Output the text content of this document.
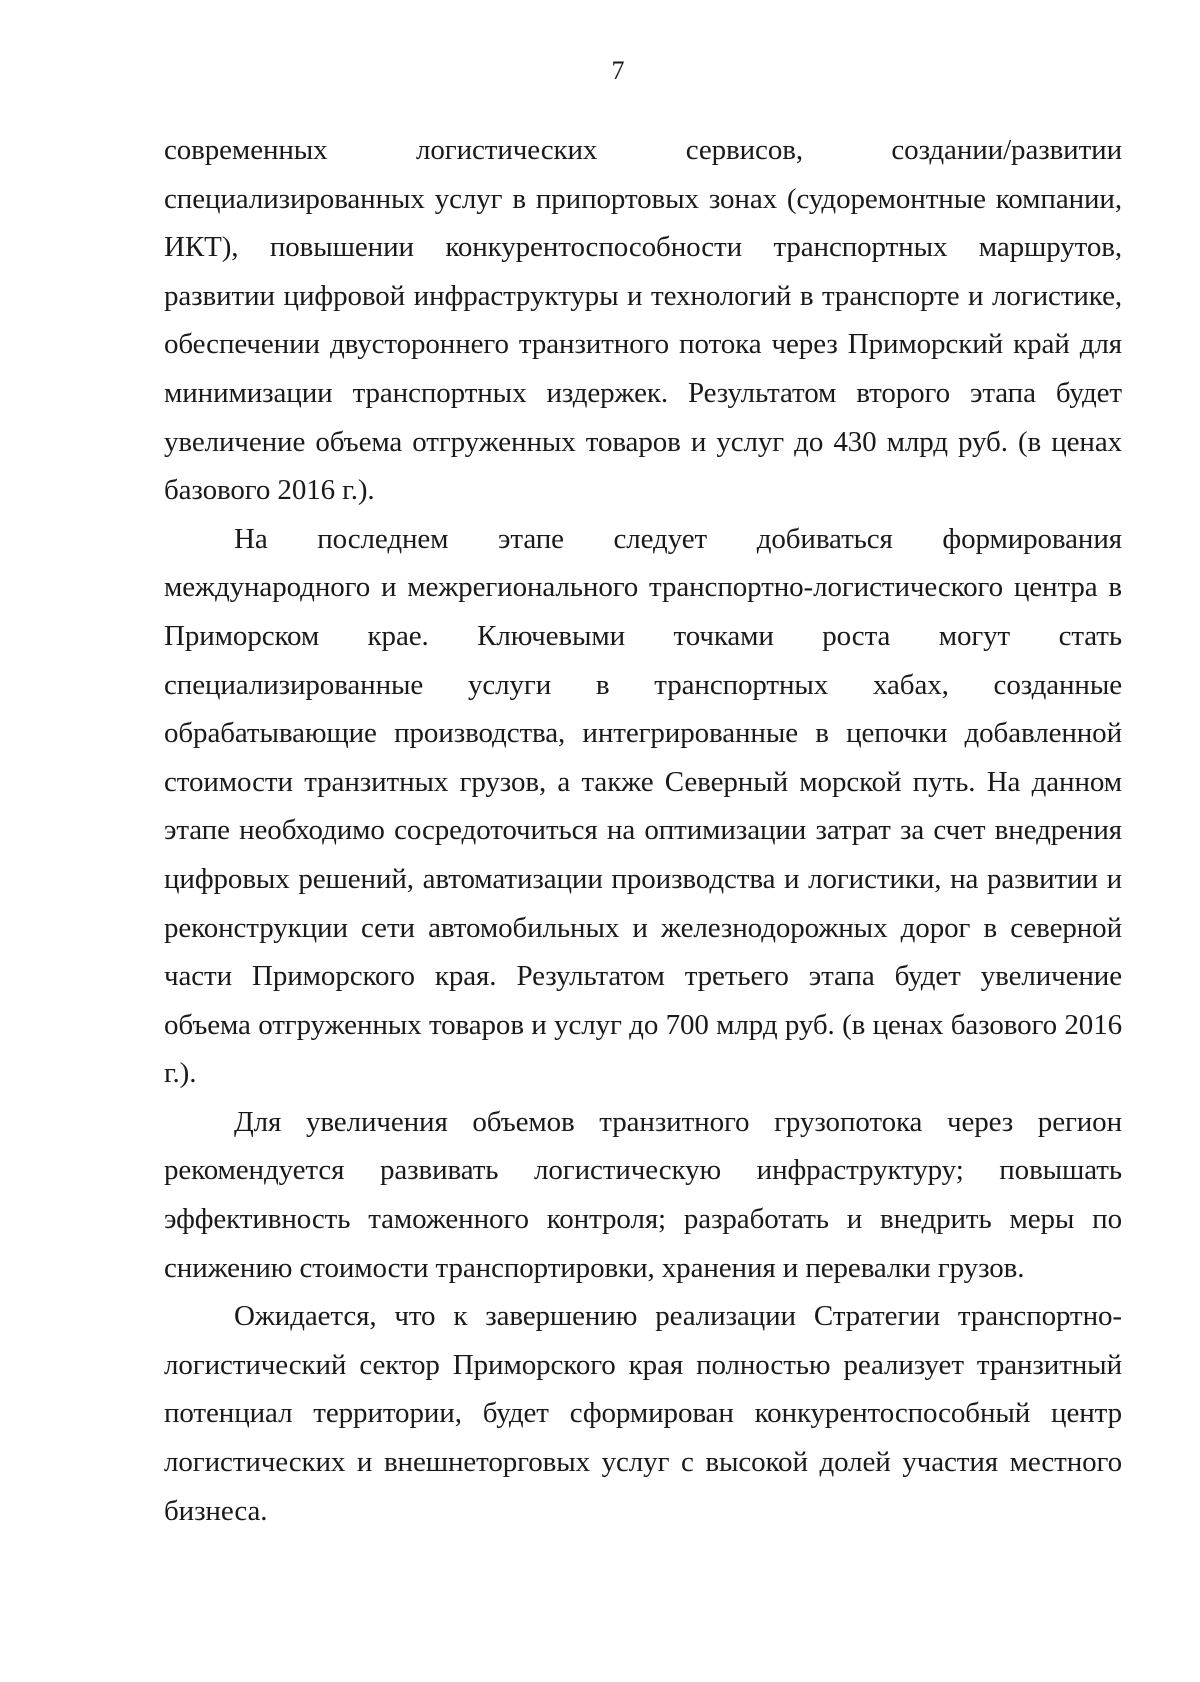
7

современных логистических сервисов, создании/развитии специализированных услуг в припортовых зонах (судоремонтные компании, ИКТ), повышении конкурентоспособности транспортных маршрутов, развитии цифровой инфраструктуры и технологий в транспорте и логистике, обеспечении двустороннего транзитного потока через Приморский край для минимизации транспортных издержек. Результатом второго этапа будет увеличение объема отгруженных товаров и услуг до 430 млрд руб. (в ценах базового 2016 г.).

На последнем этапе следует добиваться формирования международного и межрегионального транспортно-логистического центра в Приморском крае. Ключевыми точками роста могут стать специализированные услуги в транспортных хабах, созданные обрабатывающие производства, интегрированные в цепочки добавленной стоимости транзитных грузов, а также Северный морской путь. На данном этапе необходимо сосредоточиться на оптимизации затрат за счет внедрения цифровых решений, автоматизации производства и логистики, на развитии и реконструкции сети автомобильных и железнодорожных дорог в северной части Приморского края. Результатом третьего этапа будет увеличение объема отгруженных товаров и услуг до 700 млрд руб. (в ценах базового 2016 г.).

Для увеличения объемов транзитного грузопотока через регион рекомендуется развивать логистическую инфраструктуру; повышать эффективность таможенного контроля; разработать и внедрить меры по снижению стоимости транспортировки, хранения и перевалки грузов.

Ожидается, что к завершению реализации Стратегии транспортно-логистический сектор Приморского края полностью реализует транзитный потенциал территории, будет сформирован конкурентоспособный центр логистических и внешнеторговых услуг с высокой долей участия местного бизнеса.
